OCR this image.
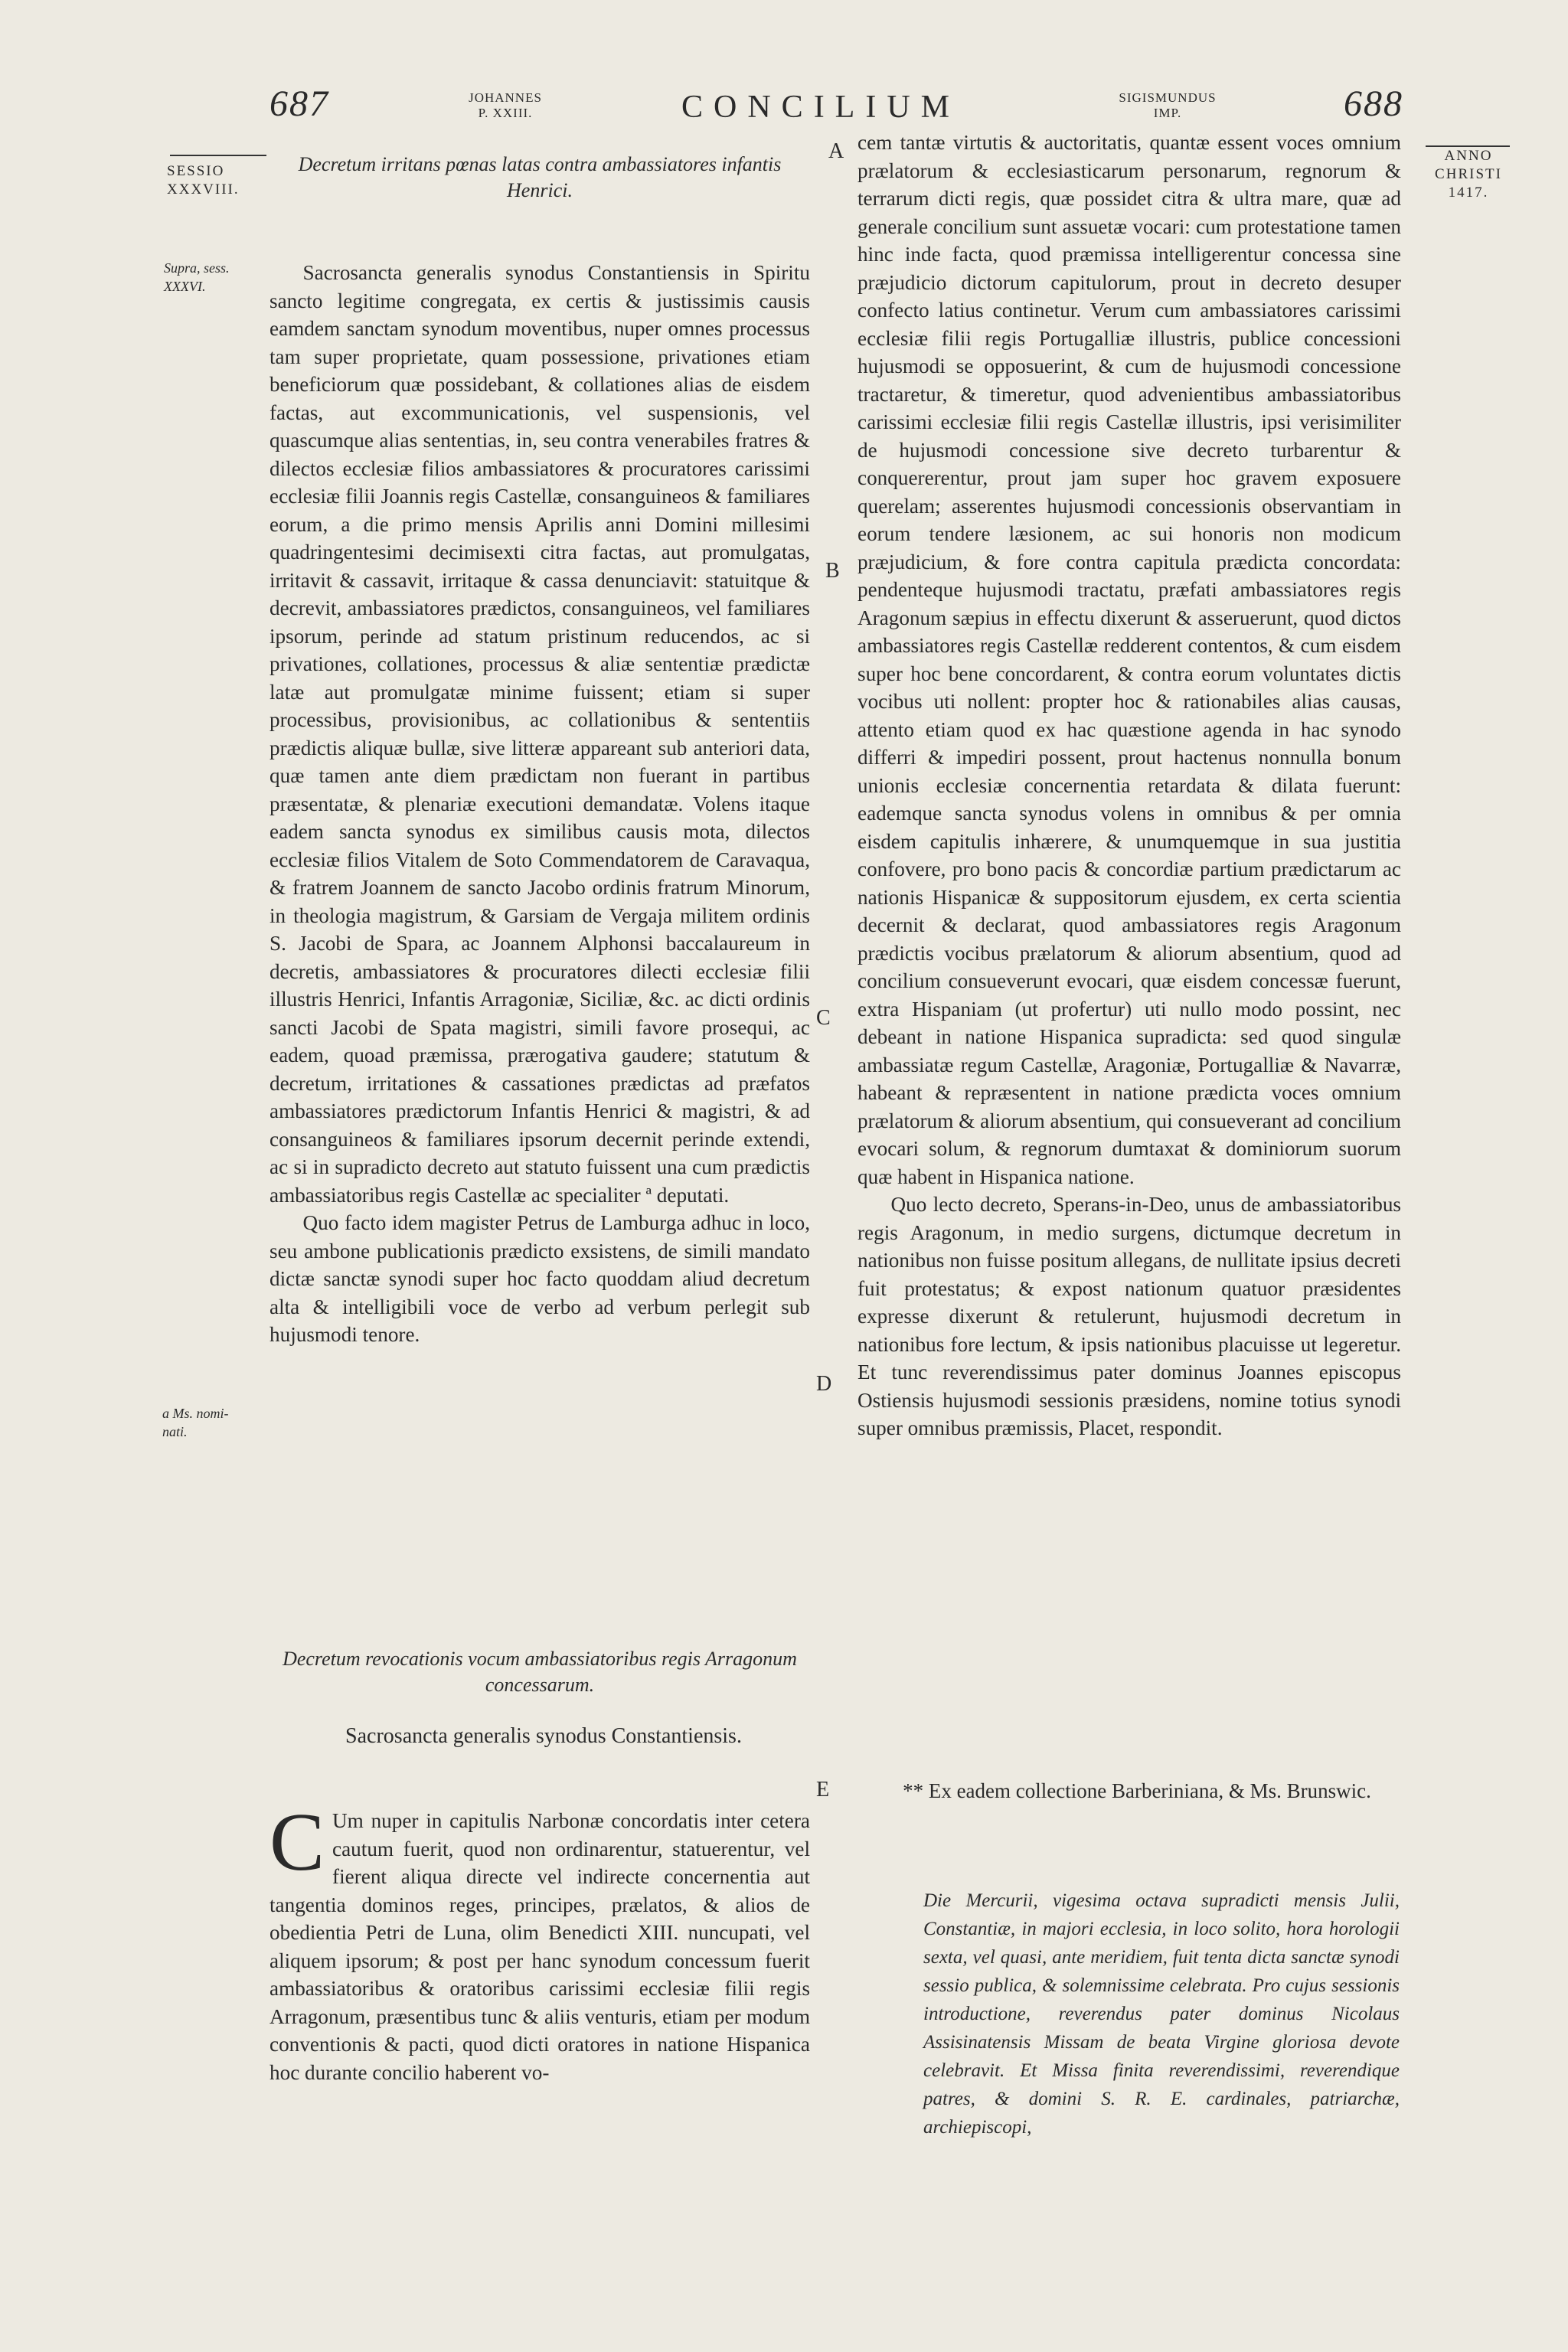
687	JOHANNES
P. XXIII.	CONCILIUM	SIGISMUNDUS
IMP.	688
SESSIO
XXXVIII.
Supra, sess.
XXXVI.
a Ms. nomi-
nati.
ANNO
CHRISTI
1417.
A
B
C
D
E
Decretum irritans pœnas latas contra ambassiatores infantis Henrici.

Sacrosancta generalis synodus Constantiensis in Spiritu sancto legitime congregata, ex certis & justissimis causis eamdem sanctam synodum moventibus, nuper omnes processus tam super proprietate, quam possessione, privationes etiam beneficiorum quæ possidebant, & collationes alias de eisdem factas, aut excommunicationis, vel suspensionis, vel quascumque alias sententias, in, seu contra venerabiles fratres & dilectos ecclesiæ filios ambassiatores & procuratores carissimi ecclesiæ filii Joannis regis Castellæ, consanguineos & familiares eorum, a die primo mensis Aprilis anni Domini millesimi quadringentesimi decimisexti citra factas, aut promulgatas, irritavit & cassavit, irritaque & cassa denunciavit: statuitque & decrevit, ambassiatores prædictos, consanguineos, vel familiares ipsorum, perinde ad statum pristinum reducendos, ac si privationes, collationes, processus & aliæ sententiæ prædictæ latæ aut promulgatæ minime fuissent; etiam si super processibus, provisionibus, ac collationibus & sententiis prædictis aliquæ bullæ, sive litteræ appareant sub anteriori data, quæ tamen ante diem prædictam non fuerant in partibus præsentatæ, & plenariæ executioni demandatæ. Volens itaque eadem sancta synodus ex similibus causis mota, dilectos ecclesiæ filios Vitalem de Soto Commendatorem de Caravaqua, & fratrem Joannem de sancto Jacobo ordinis fratrum Minorum, in theologia magistrum, & Garsiam de Vergaja militem ordinis S. Jacobi de Spara, ac Joannem Alphonsi baccalaureum in decretis, ambassiatores & procuratores dilecti ecclesiæ filii illustris Henrici, Infantis Arragoniæ, Siciliæ, &c. ac dicti ordinis sancti Jacobi de Spata magistri, simili favore prosequi, ac eadem, quoad præmissa, prærogativa gaudere; statutum & decretum, irritationes & cassationes prædictas ad præfatos ambassiatores prædictorum Infantis Henrici & magistri, & ad consanguineos & familiares ipsorum decernit perinde extendi, ac si in supradicto decreto aut statuto fuissent una cum prædictis ambassiatoribus regis Castellæ ac specialiter ª deputati.

Quo facto idem magister Petrus de Lamburga adhuc in loco, seu ambone publicationis prædicto exsistens, de simili mandato dictæ sanctæ synodi super hoc facto quoddam aliud decretum alta & intelligibili voce de verbo ad verbum perlegit sub hujusmodi tenore.

Decretum revocationis vocum ambassiatoribus regis Arragonum concessarum.
Sacrosancta generalis synodus Constantiensis.

C Um nuper in capitulis Narbonæ concordatis inter cetera cautum fuerit, quod non ordinarentur, statuerentur, vel fierent aliqua directe vel indirecte concernentia aut tangentia dominos reges, principes, prælatos, & alios de obedientia Petri de Luna, olim Benedicti XIII. nuncupati, vel aliquem ipsorum; & post per hanc synodum concessum fuerit ambassiatoribus & oratoribus carissimi ecclesiæ filii regis Arragonum, præsentibus tunc & aliis venturis, etiam per modum conventionis & pacti, quod dicti oratores in natione Hispanica hoc durante concilio haberent vo-

cem tantæ virtutis & auctoritatis, quantæ essent voces omnium prælatorum & ecclesiasticarum personarum, regnorum & terrarum dicti regis, quæ possidet citra & ultra mare, quæ ad generale concilium sunt assuetæ vocari: cum protestatione tamen hinc inde facta, quod præmissa intelligerentur concessa sine præjudicio dictorum capitulorum, prout in decreto desuper confecto latius continetur. Verum cum ambassiatores carissimi ecclesiæ filii regis Portugalliæ illustris, publice concessioni hujusmodi se opposuerint, & cum de hujusmodi concessione tractaretur, & timeretur, quod advenientibus ambassiatoribus carissimi ecclesiæ filii regis Castellæ illustris, ipsi verisimiliter de hujusmodi concessione sive decreto turbarentur & conquererentur, prout jam super hoc gravem exposuere querelam; asserentes hujusmodi concessionis observantiam in eorum tendere læsionem, ac sui honoris non modicum præjudicium, & fore contra capitula prædicta concordata: pendenteque hujusmodi tractatu, præfati ambassiatores regis Aragonum sæpius in effectu dixerunt & asseruerunt, quod dictos ambassiatores regis Castellæ redderent contentos, & cum eisdem super hoc bene concordarent, & contra eorum voluntates dictis vocibus uti nollent: propter hoc & rationabiles alias causas, attento etiam quod ex hac quæstione agenda in hac synodo differri & impediri possent, prout hactenus nonnulla bonum unionis ecclesiæ concernentia retardata & dilata fuerunt: eademque sancta synodus volens in omnibus & per omnia eisdem capitulis inhærere, & unumquemque in sua justitia confovere, pro bono pacis & concordiæ partium prædictarum ac nationis Hispanicæ & suppositorum ejusdem, ex certa scientia decernit & declarat, quod ambassiatores regis Aragonum prædictis vocibus prælatorum & aliorum absentium, quod ad concilium consueverunt evocari, quæ eisdem concessæ fuerunt, extra Hispaniam (ut profertur) uti nullo modo possint, nec debeant in natione Hispanica supradicta: sed quod singulæ ambassiatæ regum Castellæ, Aragoniæ, Portugalliæ & Navarræ, habeant & repræsentent in natione prædicta voces omnium prælatorum & aliorum absentium, qui consueverant ad concilium evocari solum, & regnorum dumtaxat & dominiorum suorum quæ habent in Hispanica natione.

Quo lecto decreto, Sperans-in-Deo, unus de ambassiatoribus regis Aragonum, in medio surgens, dictumque decretum in nationibus non fuisse positum allegans, de nullitate ipsius decreti fuit protestatus; & expost nationum quatuor præsidentes expresse dixerunt & retulerunt, hujusmodi decretum in nationibus fore lectum, & ipsis nationibus placuisse ut legeretur. Et tunc reverendissimus pater dominus Joannes episcopus Ostiensis hujusmodi sessionis præsidens, nomine totius synodi super omnibus præmissis, Placet, respondit.

** Ex eadem collectione Barberiniana, & Ms. Brunswic.
Die Mercurii, vigesima octava supradicti mensis Julii, Constantiæ, in majori ecclesia, in loco solito, hora horologii sexta, vel quasi, ante meridiem, fuit tenta dicta sanctæ synodi sessio publica, & solemnissime celebrata. Pro cujus sessionis introductione, reverendus pater dominus Nicolaus Assisinatensis Missam de beata Virgine gloriosa devote celebravit. Et Missa finita reverendissimi, reverendique patres, & domini S. R. E. cardinales, patriarchæ, archiepiscopi,
